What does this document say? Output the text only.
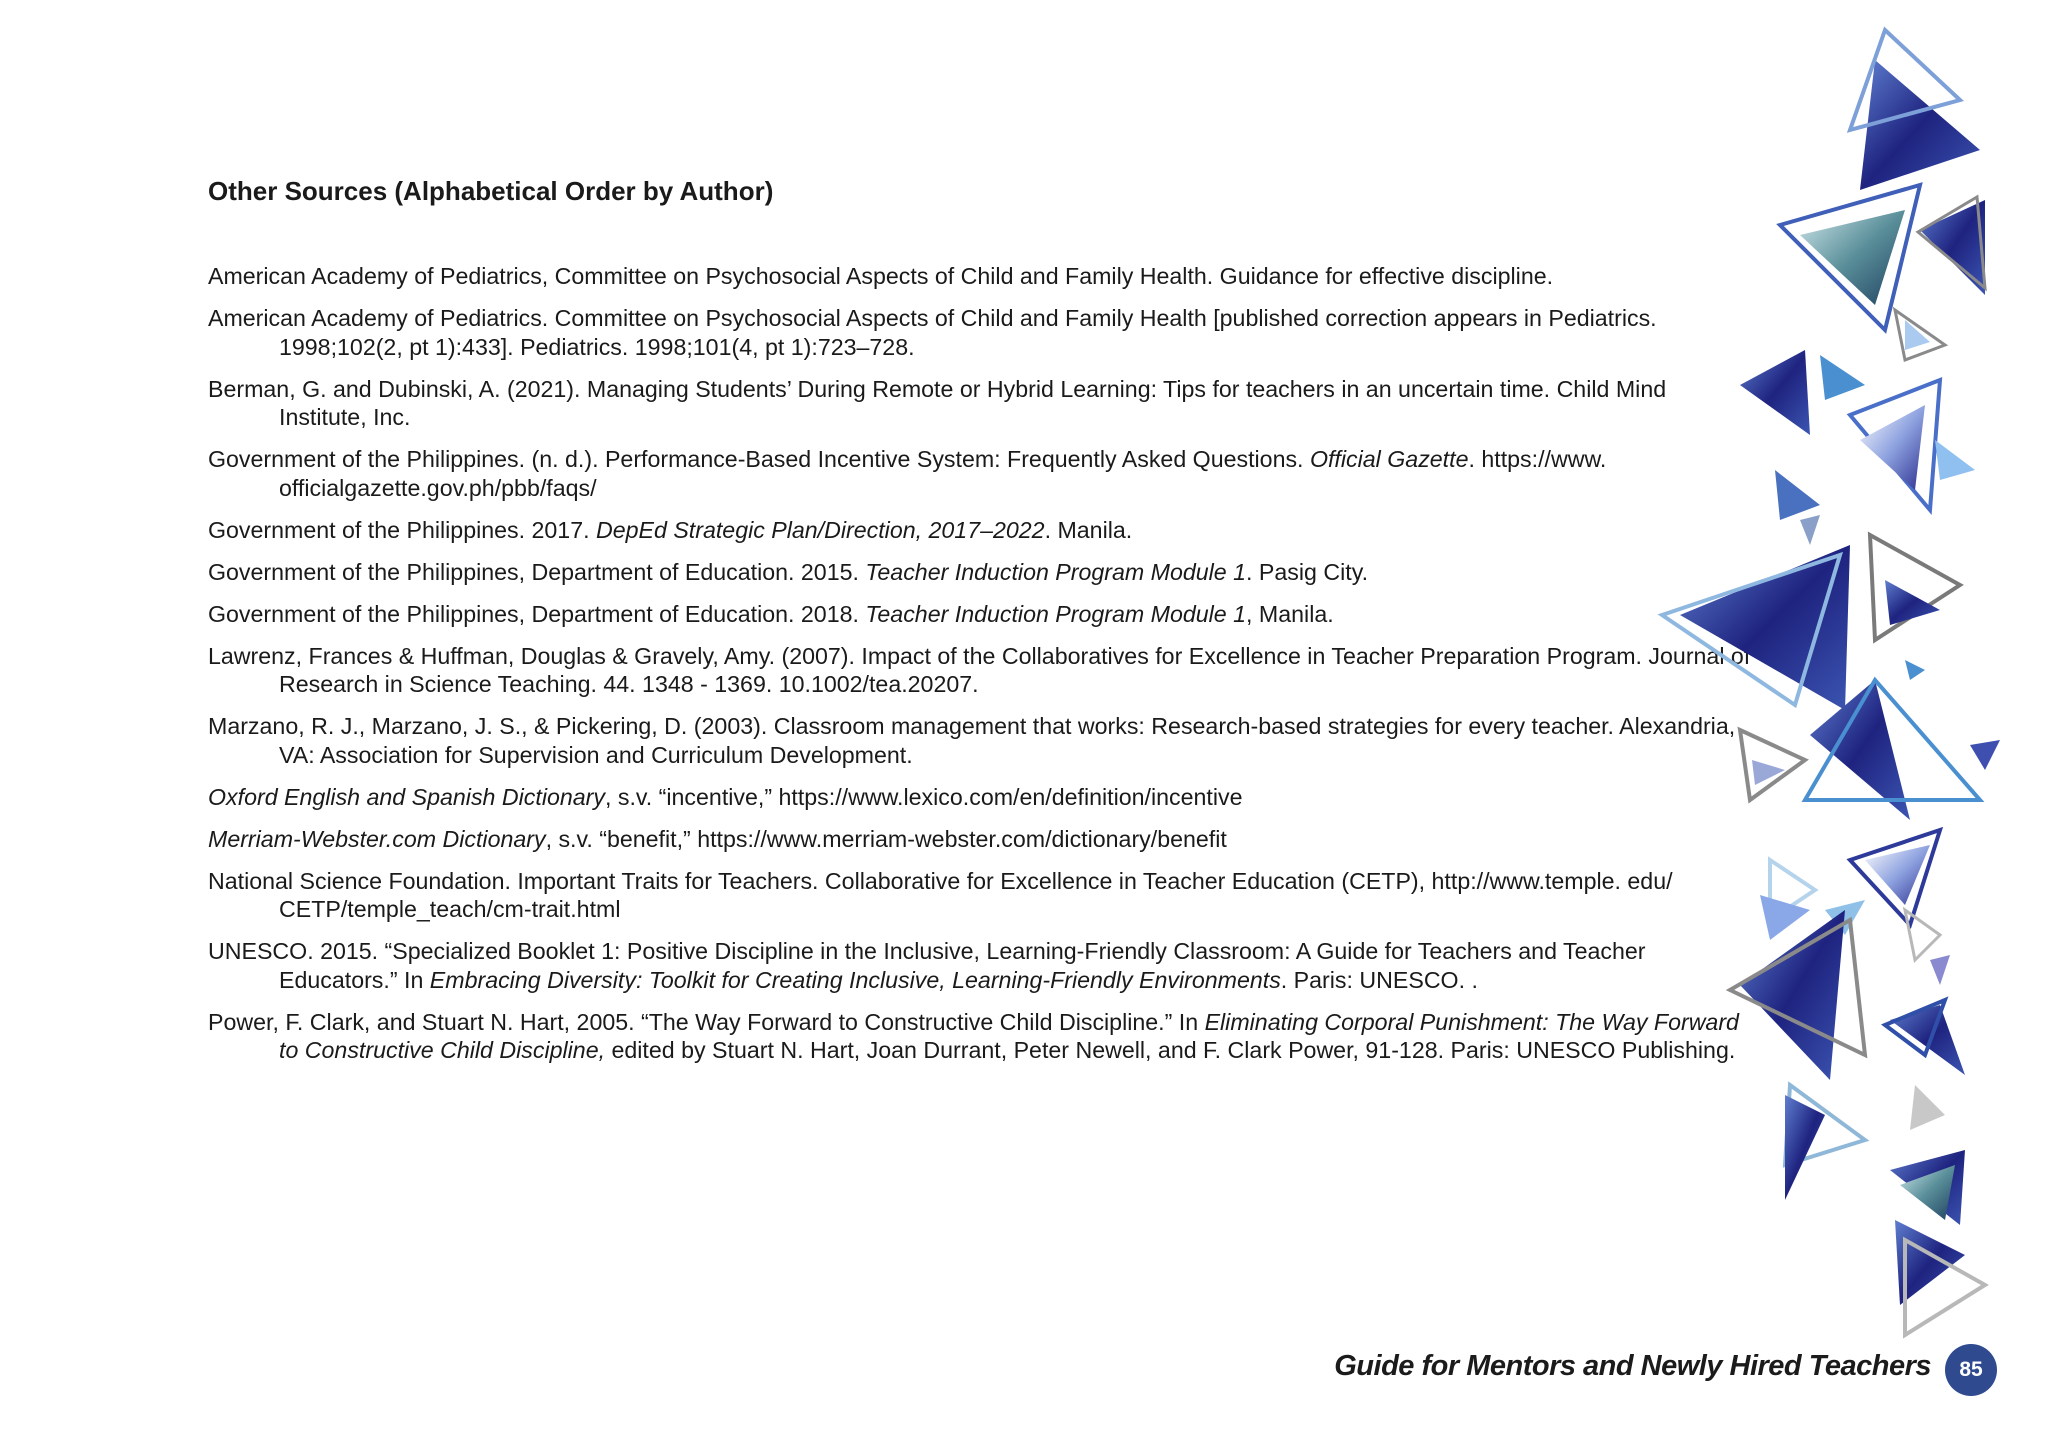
Other Sources (Alphabetical Order by Author)

American Academy of Pediatrics, Committee on Psychosocial Aspects of Child and Family Health. Guidance for effective discipline.

American Academy of Pediatrics. Committee on Psychosocial Aspects of Child and Family Health [published correction appears in Pediatrics. 1998;102(2, pt 1):433]. Pediatrics. 1998;101(4, pt 1):723–728.

Berman, G. and Dubinski, A. (2021). Managing Students’ During Remote or Hybrid Learning: Tips for teachers in an uncertain time. Child Mind Institute, Inc.

Government of the Philippines. (n. d.). Performance-Based Incentive System: Frequently Asked Questions. Official Gazette. https://www. officialgazette.gov.ph/pbb/faqs/

Government of the Philippines. 2017. DepEd Strategic Plan/Direction, 2017–2022. Manila.

Government of the Philippines, Department of Education. 2015. Teacher Induction Program Module 1. Pasig City.

Government of the Philippines, Department of Education. 2018. Teacher Induction Program Module 1, Manila.

Lawrenz, Frances & Huffman, Douglas & Gravely, Amy. (2007). Impact of the Collaboratives for Excellence in Teacher Preparation Program. Journal of Research in Science Teaching. 44. 1348 - 1369. 10.1002/tea.20207.

Marzano, R. J., Marzano, J. S., & Pickering, D. (2003). Classroom management that works: Research-based strategies for every teacher. Alexandria, VA: Association for Supervision and Curriculum Development.

Oxford English and Spanish Dictionary, s.v. “incentive,” https://www.lexico.com/en/definition/incentive

Merriam-Webster.com Dictionary, s.v. “benefit,” https://www.merriam-webster.com/dictionary/benefit

National Science Foundation. Important Traits for Teachers. Collaborative for Excellence in Teacher Education (CETP), http://www.temple. edu/ CETP/temple_teach/cm-trait.html

UNESCO. 2015. “Specialized Booklet 1: Positive Discipline in the Inclusive, Learning-Friendly Classroom: A Guide for Teachers and Teacher Educators.” In Embracing Diversity: Toolkit for Creating Inclusive, Learning-Friendly Environments. Paris: UNESCO. .

Power, F. Clark, and Stuart N. Hart, 2005. “The Way Forward to Constructive Child Discipline.” In Eliminating Corporal Punishment: The Way Forward to Constructive Child Discipline, edited by Stuart N. Hart, Joan Durrant, Peter Newell, and F. Clark Power, 91-128. Paris: UNESCO Publishing.

Guide for Mentors and Newly Hired Teachers	85
